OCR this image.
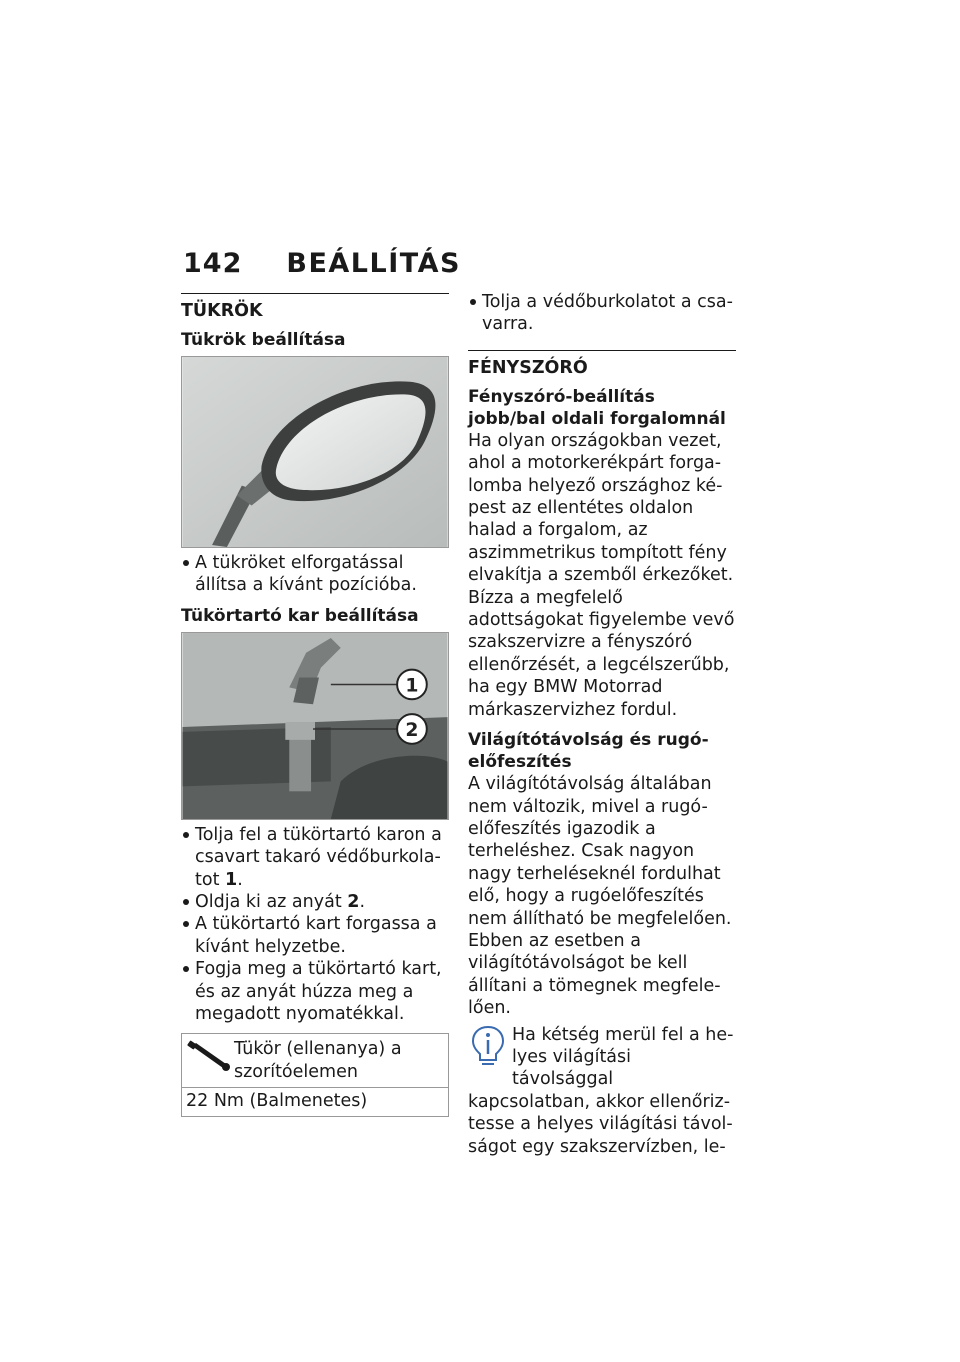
142 BEÁLLÍTÁS
TÜKRÖK
Tükrök beállítása
A tükröket elforgatással állítsa a kívánt pozícióba.
Tükörtartó kar beállítása
1
2
Tolja fel a tükörtartó karon a csavart takaró védőburkolatot 1.
Oldja ki az anyát 2.
A tükörtartó kart forgassa a kívánt helyzetbe.
Fogja meg a tükörtartó kart, és az anyát húzza meg a megadott nyomatékkal.
Tükör (ellenanya) a szorítóelemen
22 Nm (Balmenetes)
Tolja a védőburkolatot a csavarra.
FÉNYSZÓRÓ
Fényszóró-beállítás jobb/bal oldali forgalomnál

Ha olyan országokban vezet, ahol a motorkerékpárt forgalomba helyező országhoz képest az ellentétes oldalon halad a forgalom, az aszimmetrikus tompított fény elvakítja a szemből érkezőket.

Bízza a megfelelő adottságokat figyelembe vevő szakszervizre a fényszóró ellenőrzését, a legcélszerűbb, ha egy BMW Motorrad márkaszervizhez fordul.

Világítótávolság és rugóelőfeszítés

A világítótávolság általában nem változik, mivel a rugó-előfeszítés igazodik a terheléshez. Csak nagyon nagy terheléseknél fordulhat elő, hogy a rugóelőfeszítés nem állítható be megfelelően. Ebben az esetben a világítótávolságot be kell állítani a tömegnek megfelelően.

Ha kétség merül fel a helyes világítási távolsággal

kapcsolatban, akkor ellenőriztesse a helyes világítási távolságot egy szakszervízben, le-
